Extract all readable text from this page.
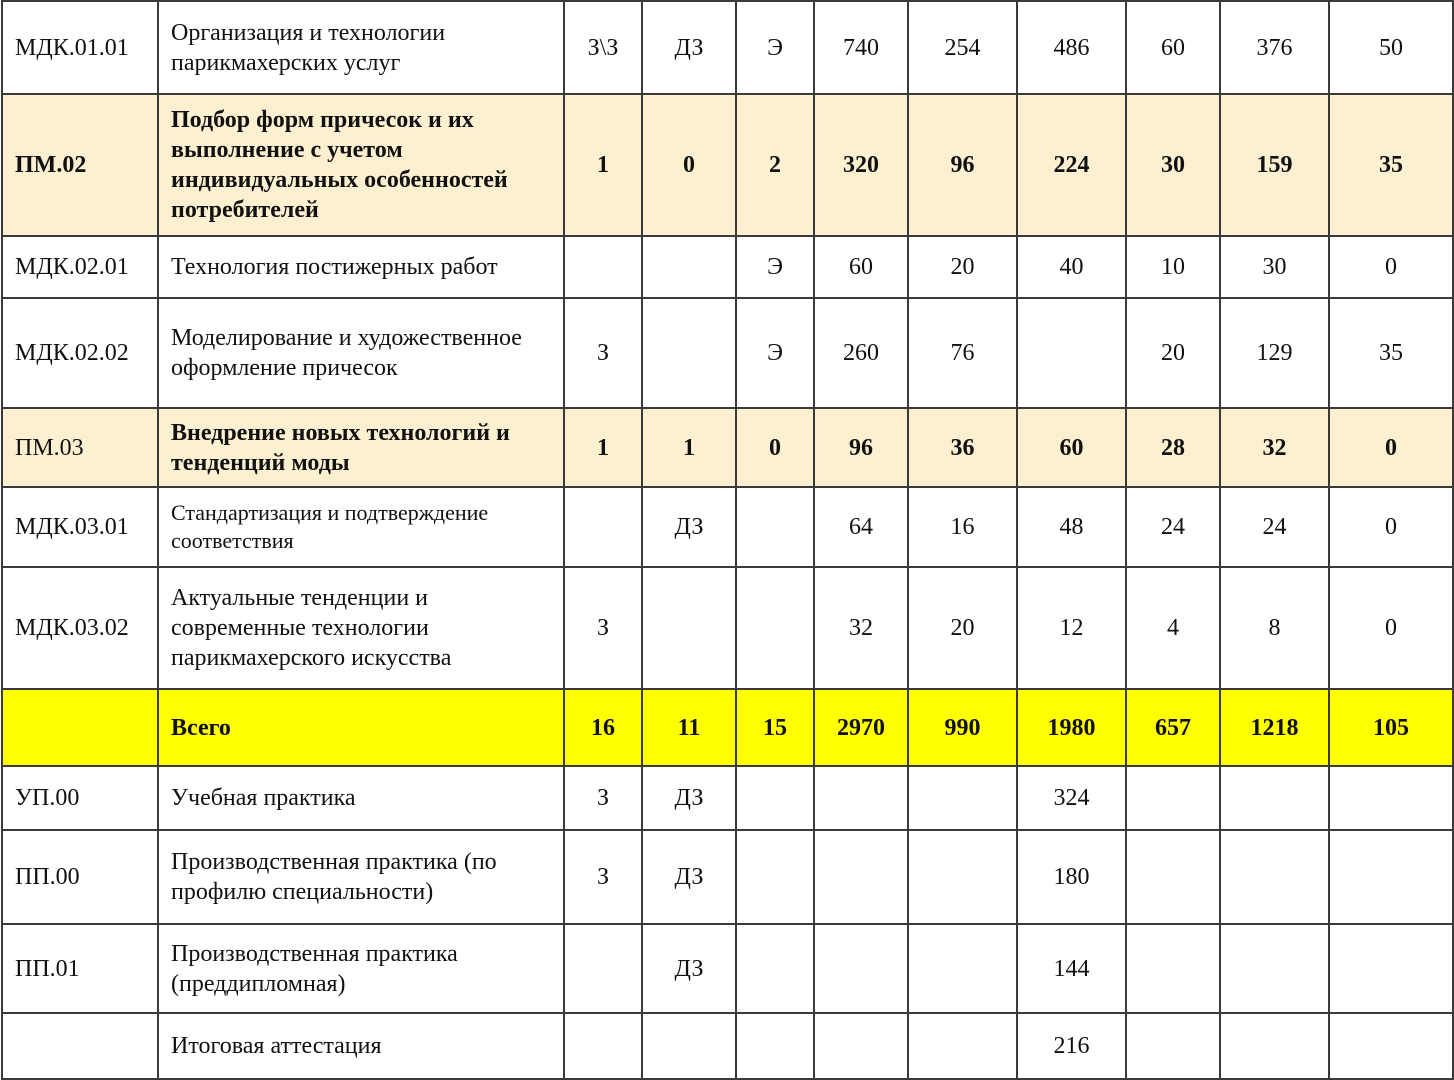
МДК.01.01	Организация и технологии парикмахерских услуг	З\З	ДЗ	Э	740	254	486	60	376	50
ПМ.02	Подбор форм причесок и их выполнение с учетом индивидуальных особенностей потребителей	1	0	2	320	96	224	30	159	35
МДК.02.01	Технология постижерных работ			Э	60	20	40	10	30	0
МДК.02.02	Моделирование и художественное оформление причесок	З		Э	260	76		20	129	35
ПМ.03	Внедрение новых технологий и тенденций моды	1	1	0	96	36	60	28	32	0
МДК.03.01	Стандартизация и подтверждение соответствия		ДЗ		64	16	48	24	24	0
МДК.03.02	Актуальные тенденции и современные технологии парикмахерского искусства	З			32	20	12	4	8	0
	Всего	16	11	15	2970	990	1980	657	1218	105
УП.00	Учебная практика	З	ДЗ				324			
ПП.00	Производственная практика (по профилю специальности)	З	ДЗ				180			
ПП.01	Производственная практика (преддипломная)		ДЗ				144			
	Итоговая аттестация						216			
